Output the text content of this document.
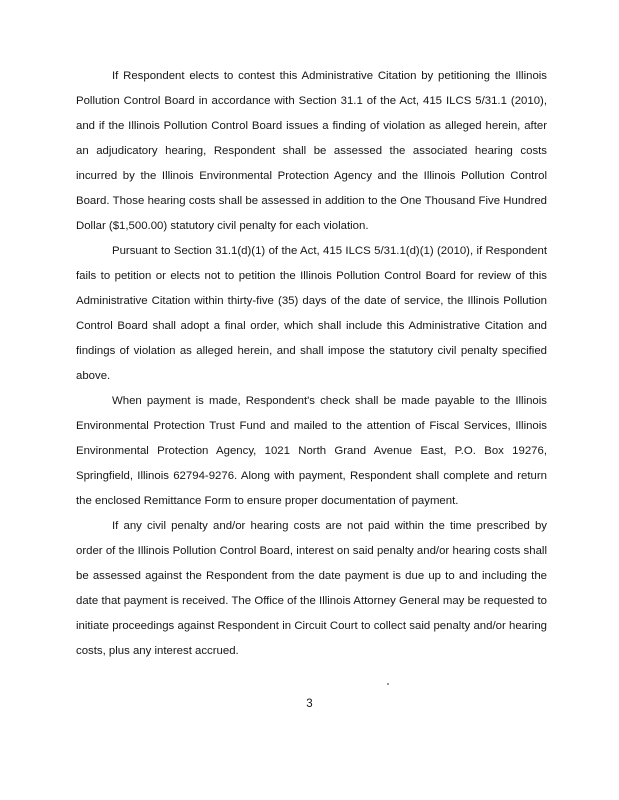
If Respondent elects to contest this Administrative Citation by petitioning the Illinois Pollution Control Board in accordance with Section 31.1 of the Act, 415 ILCS 5/31.1 (2010), and if the Illinois Pollution Control Board issues a finding of violation as alleged herein, after an adjudicatory hearing, Respondent shall be assessed the associated hearing costs incurred by the Illinois Environmental Protection Agency and the Illinois Pollution Control Board. Those hearing costs shall be assessed in addition to the One Thousand Five Hundred Dollar ($1,500.00) statutory civil penalty for each violation.

Pursuant to Section 31.1(d)(1) of the Act, 415 ILCS 5/31.1(d)(1) (2010), if Respondent fails to petition or elects not to petition the Illinois Pollution Control Board for review of this Administrative Citation within thirty-five (35) days of the date of service, the Illinois Pollution Control Board shall adopt a final order, which shall include this Administrative Citation and findings of violation as alleged herein, and shall impose the statutory civil penalty specified above.

When payment is made, Respondent's check shall be made payable to the Illinois Environmental Protection Trust Fund and mailed to the attention of Fiscal Services, Illinois Environmental Protection Agency, 1021 North Grand Avenue East, P.O. Box 19276, Springfield, Illinois 62794-9276. Along with payment, Respondent shall complete and return the enclosed Remittance Form to ensure proper documentation of payment.

If any civil penalty and/or hearing costs are not paid within the time prescribed by order of the Illinois Pollution Control Board, interest on said penalty and/or hearing costs shall be assessed against the Respondent from the date payment is due up to and including the date that payment is received. The Office of the Illinois Attorney General may be requested to initiate proceedings against Respondent in Circuit Court to collect said penalty and/or hearing costs, plus any interest accrued.

3
